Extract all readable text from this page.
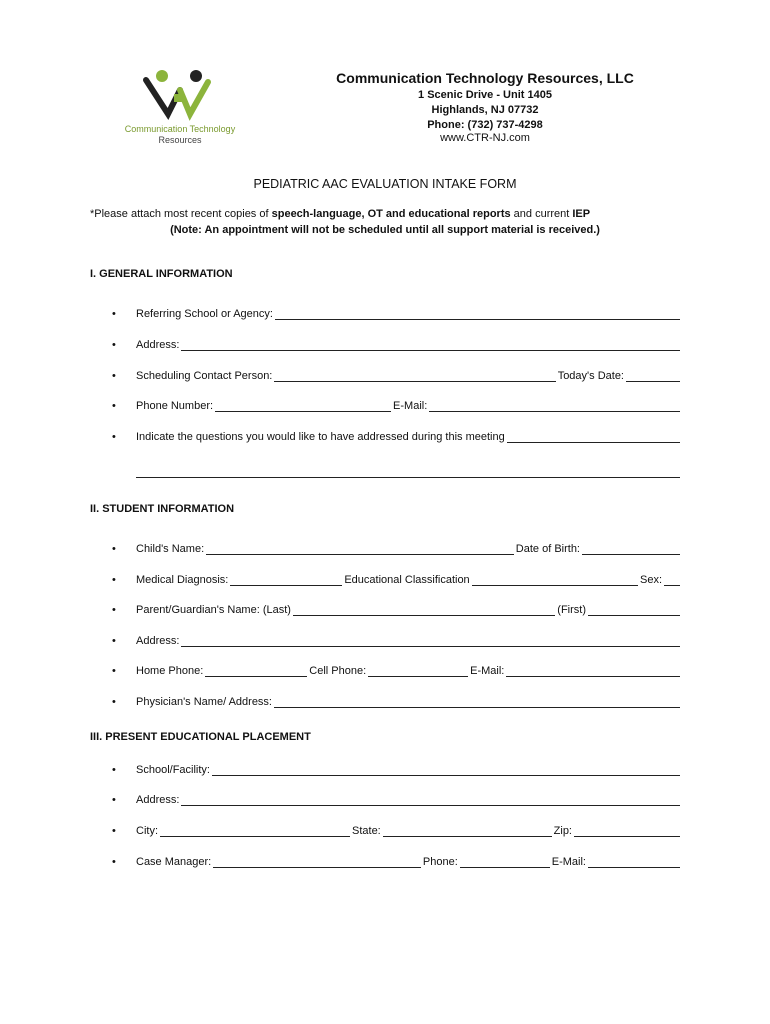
Communication Technology
Resources
Communication Technology Resources, LLC
1 Scenic Drive - Unit 1405
Highlands, NJ 07732
Phone: (732) 737-4298
www.CTR-NJ.com
PEDIATRIC AAC EVALUATION INTAKE FORM
*Please attach most recent copies of speech-language, OT and educational reports and current IEP
(Note: An appointment will not be scheduled until all support material is received.)
I. GENERAL INFORMATION
•	Referring School or Agency:
•	Address:
•	Scheduling Contact Person:	Today's Date:
•	Phone Number:	E-Mail:
•	Indicate the questions you would like to have addressed during this meeting
II. STUDENT INFORMATION
•	Child's Name:	Date of Birth:
•	Medical Diagnosis:	Educational Classification	Sex:
•	Parent/Guardian's Name: (Last)	(First)
•	Address:
•	Home Phone:	Cell Phone:	E-Mail:
•	Physician's Name/ Address:
III. PRESENT EDUCATIONAL PLACEMENT
•	School/Facility:
•	Address:
•	City:	State:	Zip:
•	Case Manager:	Phone:	E-Mail:
